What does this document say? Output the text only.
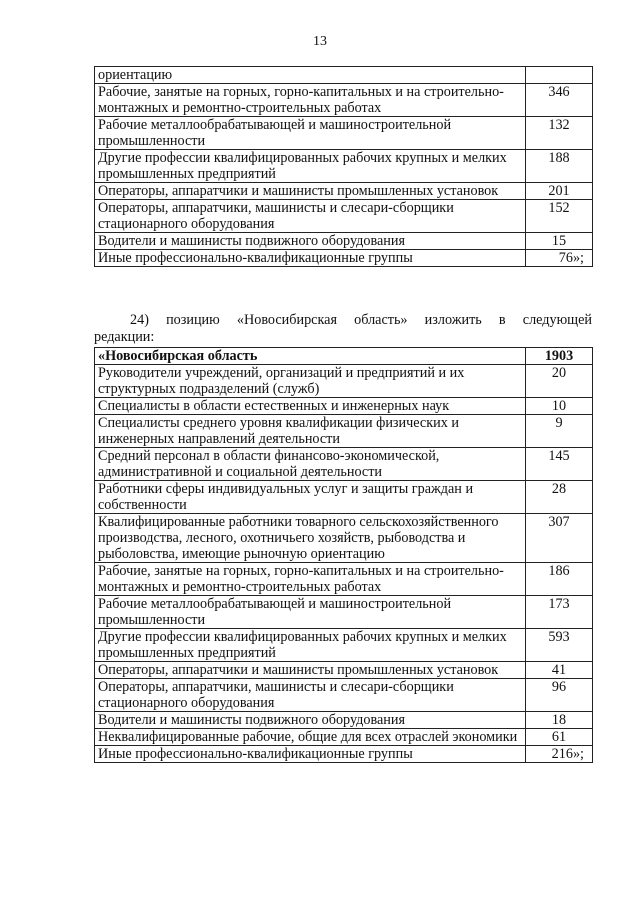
13
ориентацию	
Рабочие, занятые на горных, горно-капитальных и на строительно-монтажных и ремонтно-строительных работах	346
Рабочие металлообрабатывающей и машиностроительной промышленности	132
Другие профессии квалифицированных рабочих крупных и мелких промышленных предприятий	188
Операторы, аппаратчики и машинисты промышленных установок	201
Операторы, аппаратчики, машинисты и слесари-сборщики стационарного оборудования	152
Водители и машинисты подвижного оборудования	15
Иные профессионально-квалификационные группы	76»;
24) позицию «Новосибирская область» изложить в следующей
редакции:
«Новосибирская область	1903
Руководители учреждений, организаций и предприятий и их структурных подразделений (служб)	20
Специалисты в области естественных и инженерных наук	10
Специалисты среднего уровня квалификации физических и инженерных направлений деятельности	9
Средний персонал в области финансово-экономической, административной и социальной деятельности	145
Работники сферы индивидуальных услуг и защиты граждан и собственности	28
Квалифицированные работники товарного сельскохозяйственного производства, лесного, охотничьего хозяйств, рыбоводства и рыболовства, имеющие рыночную ориентацию	307
Рабочие, занятые на горных, горно-капитальных и на строительно-монтажных и ремонтно-строительных работах	186
Рабочие металлообрабатывающей и машиностроительной промышленности	173
Другие профессии квалифицированных рабочих крупных и мелких промышленных предприятий	593
Операторы, аппаратчики и машинисты промышленных установок	41
Операторы, аппаратчики, машинисты и слесари-сборщики стационарного оборудования	96
Водители и машинисты подвижного оборудования	18
Неквалифицированные рабочие, общие для всех отраслей экономики	61
Иные профессионально-квалификационные группы	216»;
